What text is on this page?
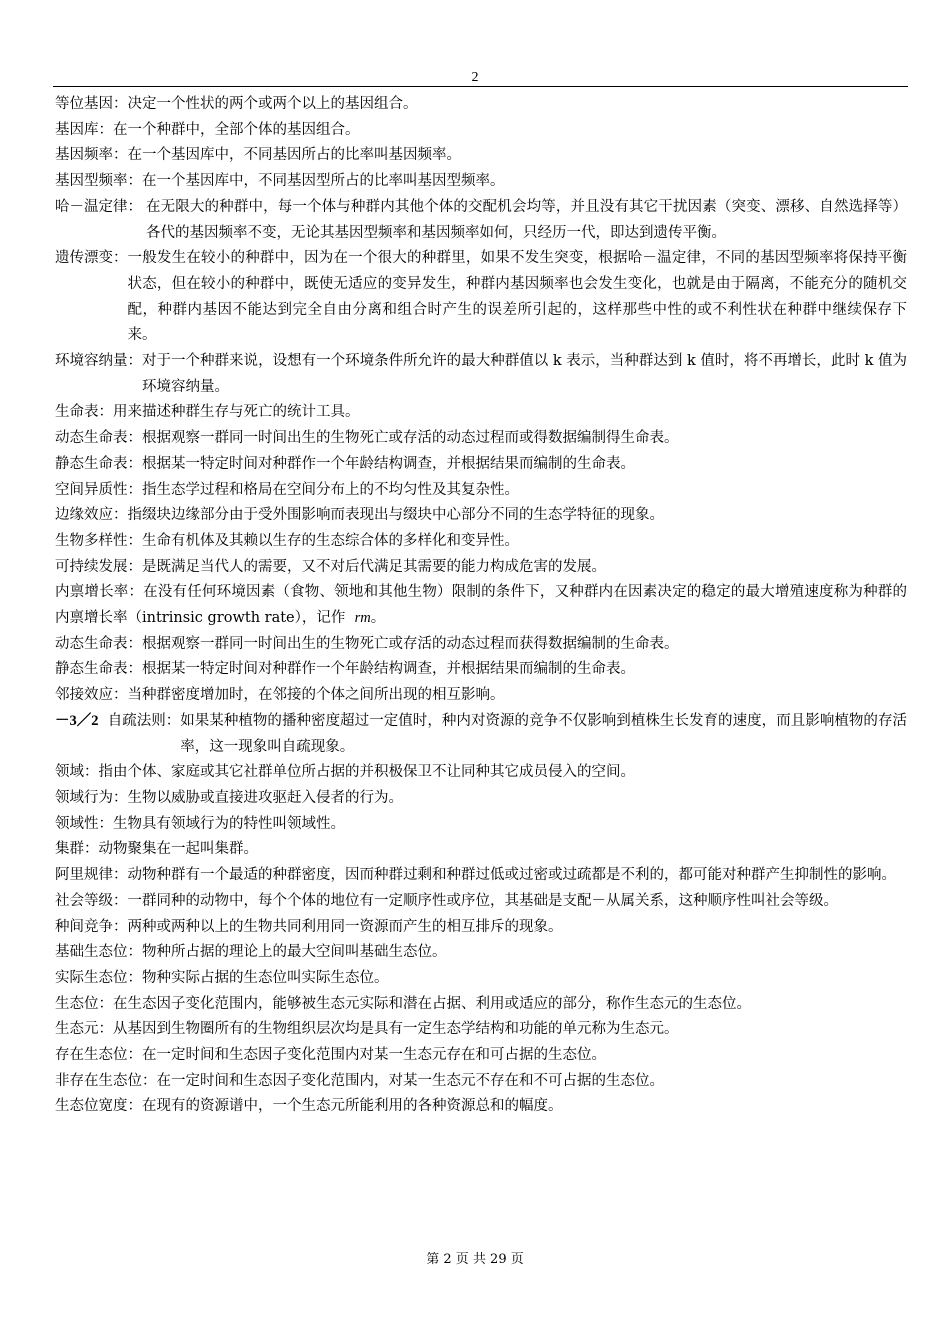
2
等位基因：决定一个性状的两个或两个以上的基因组合。
基因库：在一个种群中，全部个体的基因组合。
基因频率：在一个基因库中，不同基因所占的比率叫基因频率。
基因型频率：在一个基因库中，不同基因型所占的比率叫基因型频率。
哈－温定律： 在无限大的种群中，每一个体与种群内其他个体的交配机会均等，并且没有其它干扰因素（突变、漂移、自然选择等）各代的基因频率不变，无论其基因型频率和基因频率如何，只经历一代，即达到遗传平衡。
遗传漂变： 一般发生在较小的种群中，因为在一个很大的种群里，如果不发生突变，根据哈－温定律，不同的基因型频率将保持平衡状态，但在较小的种群中，既使无适应的变异发生，种群内基因频率也会发生变化，也就是由于隔离，不能充分的随机交配，种群内基因不能达到完全自由分离和组合时产生的误差所引起的，这样那些中性的或不利性状在种群中继续保存下来。
环境容纳量： 对于一个种群来说，设想有一个环境条件所允许的最大种群值以 k 表示，当种群达到 k 值时，将不再增长，此时 k 值为环境容纳量。
生命表：用来描述种群生存与死亡的统计工具。
动态生命表：根据观察一群同一时间出生的生物死亡或存活的动态过程而或得数据编制得生命表。
静态生命表：根据某一特定时间对种群作一个年龄结构调查，并根据结果而编制的生命表。
空间异质性：指生态学过程和格局在空间分布上的不均匀性及其复杂性。
边缘效应：指缀块边缘部分由于受外围影响而表现出与缀块中心部分不同的生态学特征的现象。
生物多样性：生命有机体及其赖以生存的生态综合体的多样化和变异性。
可持续发展：是既满足当代人的需要，又不对后代满足其需要的能力构成危害的发展。
内禀增长率：在没有任何环境因素（食物、领地和其他生物）限制的条件下，又种群内在因素决定的稳定的最大增殖速度称为种群的内禀增长率（intrinsic growth rate），记作 rm。
动态生命表：根据观察一群同一时间出生的生物死亡或存活的动态过程而获得数据编制的生命表。
静态生命表：根据某一特定时间对种群作一个年龄结构调查，并根据结果而编制的生命表。
邻接效应：当种群密度增加时，在邻接的个体之间所出现的相互影响。
－3／2 自疏法则： 如果某种植物的播种密度超过一定值时，种内对资源的竞争不仅影响到植株生长发育的速度，而且影响植物的存活率，这一现象叫自疏现象。
领域：指由个体、家庭或其它社群单位所占据的并积极保卫不让同种其它成员侵入的空间。
领域行为：生物以威胁或直接进攻驱赶入侵者的行为。
领域性：生物具有领域行为的特性叫领域性。
集群：动物聚集在一起叫集群。
阿里规律： 动物种群有一个最适的种群密度，因而种群过剩和种群过低或过密或过疏都是不利的，都可能对种群产生抑制性的影响。
社会等级： 一群同种的动物中，每个个体的地位有一定顺序性或序位，其基础是支配－从属关系，这种顺序性叫社会等级。
种间竞争：两种或两种以上的生物共同利用同一资源而产生的相互排斥的现象。
基础生态位：物种所占据的理论上的最大空间叫基础生态位。
实际生态位：物种实际占据的生态位叫实际生态位。
生态位：在生态因子变化范围内，能够被生态元实际和潜在占据、利用或适应的部分，称作生态元的生态位。
生态元：从基因到生物圈所有的生物组织层次均是具有一定生态学结构和功能的单元称为生态元。
存在生态位：在一定时间和生态因子变化范围内对某一生态元存在和可占据的生态位。
非存在生态位：在一定时间和生态因子变化范围内，对某一生态元不存在和不可占据的生态位。
生态位宽度：在现有的资源谱中，一个生态元所能利用的各种资源总和的幅度。
第 2 页 共 29 页
